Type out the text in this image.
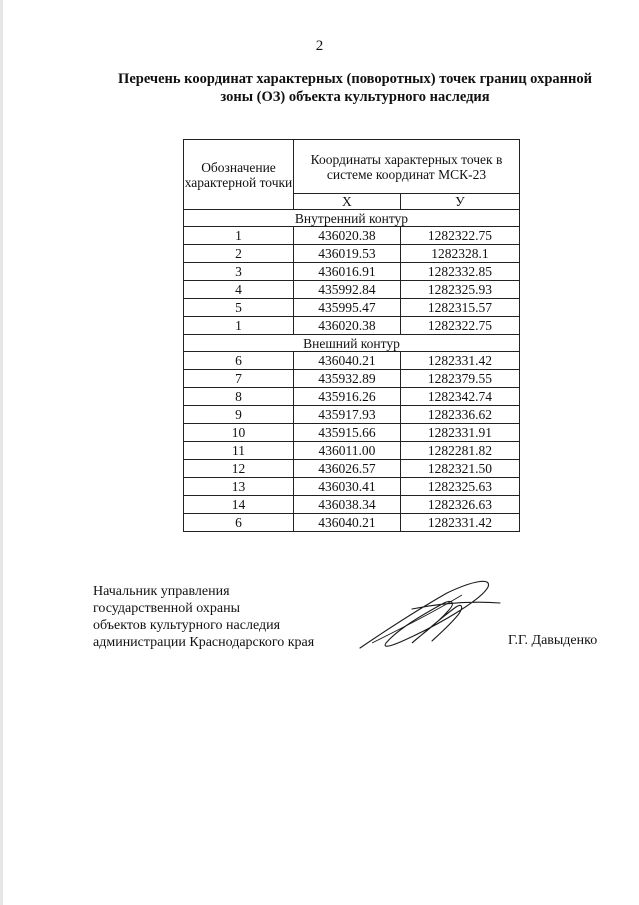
2
Перечень координат характерных (поворотных) точек границ охранной
зоны (ОЗ) объекта культурного наследия
Обозначение характерной точки	Координаты характерных точек в системе координат МСК-23	
	Х	У
Внутренний контур		
1	436020.38	1282322.75
2	436019.53	1282328.1
3	436016.91	1282332.85
4	435992.84	1282325.93
5	435995.47	1282315.57
1	436020.38	1282322.75
Внешний контур		
6	436040.21	1282331.42
7	435932.89	1282379.55
8	435916.26	1282342.74
9	435917.93	1282336.62
10	435915.66	1282331.91
11	436011.00	1282281.82
12	436026.57	1282321.50
13	436030.41	1282325.63
14	436038.34	1282326.63
6	436040.21	1282331.42
Начальник управления
государственной охраны
объектов культурного наследия
администрации Краснодарского края	Г.Г. Давыденко
